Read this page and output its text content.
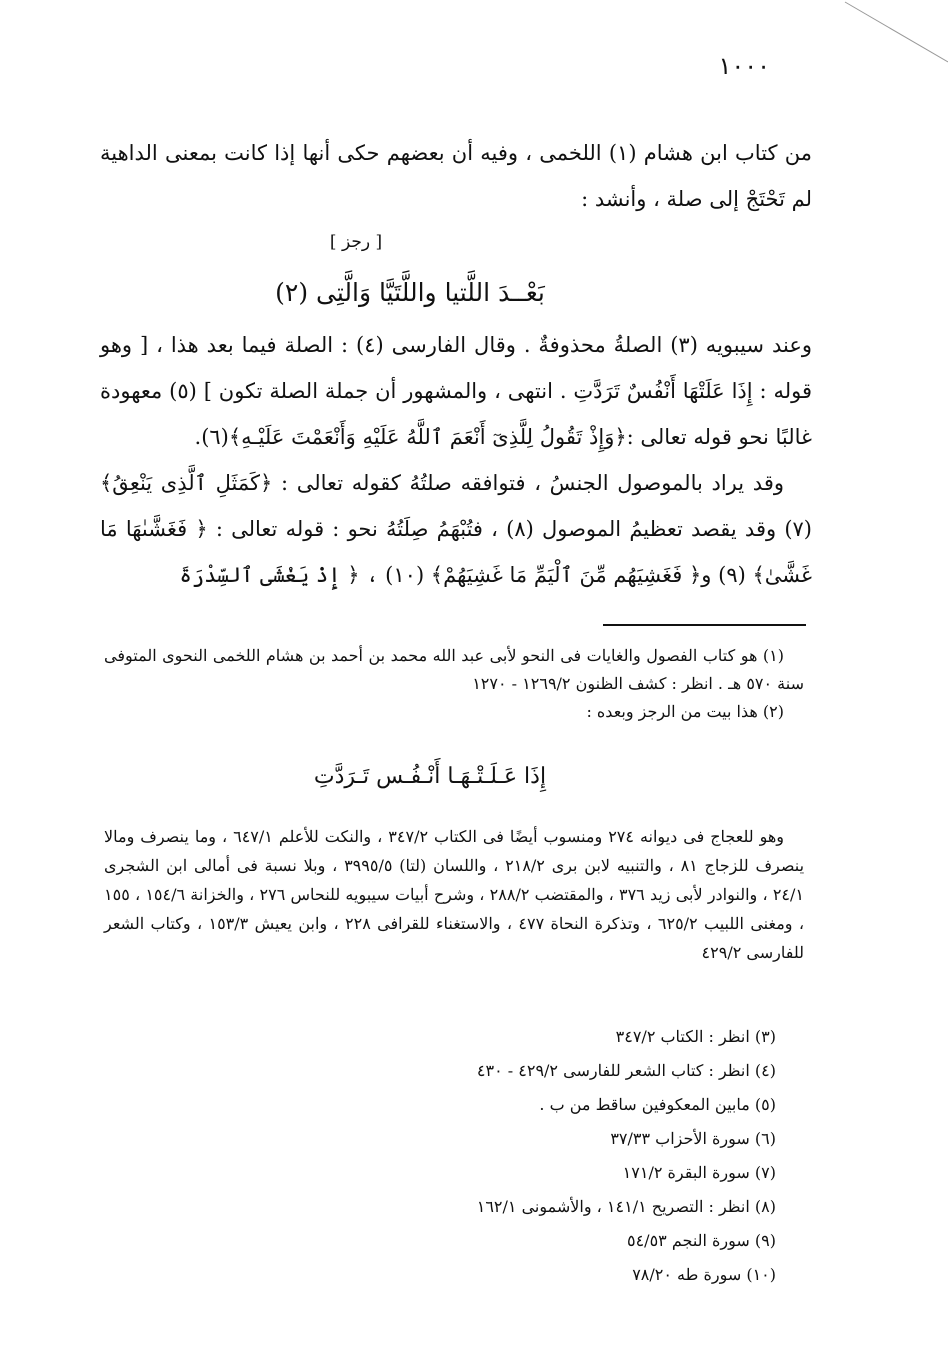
١٠٠٠

من كتاب ابن هشام (١) اللخمى ، وفيه أن بعضهم حكى أنها إذا كانت بمعنى الداهية لم تَحْتَجْ إلى صلة ، وأنشد :

[ رجز ]
بَعْــدَ اللَّتيا واللَّتَيَّا وَالَّتِى (٢)

وعند سيبويه (٣) الصلةُ محذوفةٌ . وقال الفارسى (٤) : الصلة فيما بعد هذا ، [ وهو قوله : إِذَا عَلَتْهَا أَنْفُسٌ تَرَدَّتِ . انتهى ، والمشهور أن جملة الصلة تكون ] (٥) معهودة غالبًا نحو قوله تعالى :﴿وَإِذْ تَقُولُ لِلَّذِىٓ أَنْعَمَ ٱللَّهُ عَلَيْهِ وَأَنْعَمْتَ عَلَيْـهِ﴾(٦).

وقد يراد بالموصول الجنسُ ، فتوافقه صلتُهُ كقوله تعالى : ﴿كَمَثَلِ ٱلَّذِى يَنْعِقُ﴾ (٧) وقد يقصد تعظيمُ الموصول (٨) ، فتُبْهَمُ صِلَتُهُ نحو : قوله تعالى : ﴿ فَغَشَّىٰهَا مَا غَشَّىٰ﴾ (٩) و﴿ فَغَشِيَهُم مِّنَ ٱلْيَمِّ مَا غَشِيَهُمْ﴾ (١٠) ، ﴿ إِذْ يَغْشَى ٱلسِّدْرَةَ

(١) هو كتاب الفصول والغايات فى النحو لأبى عبد الله محمد بن أحمد بن هشام اللخمى النحوى المتوفى سنة ٥٧٠ هـ . انظر : كشف الظنون ١٢٦٩/٢ - ١٢٧٠

(٢) هذا بيت من الرجز وبعده :

إِذَا عَـلَـتْـهَـا أَنْـفُـس تَـرَدَّتِ

وهو للعجاج فى ديوانه ٢٧٤ ومنسوب أيضًا فى الكتاب ٣٤٧/٢ ، والنكت للأعلم ٦٤٧/١ ، وما ينصرف ومالا ينصرف للزجاج ٨١ ، والتنبيه لابن برى ٢١٨/٢ ، واللسان (لتا) ٣٩٩٥/٥ ، وبلا نسبة فى أمالى ابن الشجرى ٢٤/١ ، والنوادر لأبى زيد ٣٧٦ ، والمقتضب ٢٨٨/٢ ، وشرح أبيات سيبويه للنحاس ٢٧٦ ، والخزانة ١٥٤/٦ ، ١٥٥ ، ومغنى اللبيب ٦٢٥/٢ ، وتذكرة النحاة ٤٧٧ ، والاستغناء للقرافى ٢٢٨ ، وابن يعيش ١٥٣/٣ ، وكتاب الشعر للفارسى ٤٢٩/٢

(٣) انظر : الكتاب ٣٤٧/٢

(٤) انظر : كتاب الشعر للفارسى ٤٢٩/٢ - ٤٣٠

(٥) مابين المعكوفين ساقط من ب .

(٦) سورة الأحزاب ٣٧/٣٣

(٧) سورة البقرة ١٧١/٢

(٨) انظر : التصريح ١٤١/١ ، والأشمونى ١٦٢/١

(٩) سورة النجم ٥٤/٥٣

(١٠) سورة طه ٧٨/٢٠
